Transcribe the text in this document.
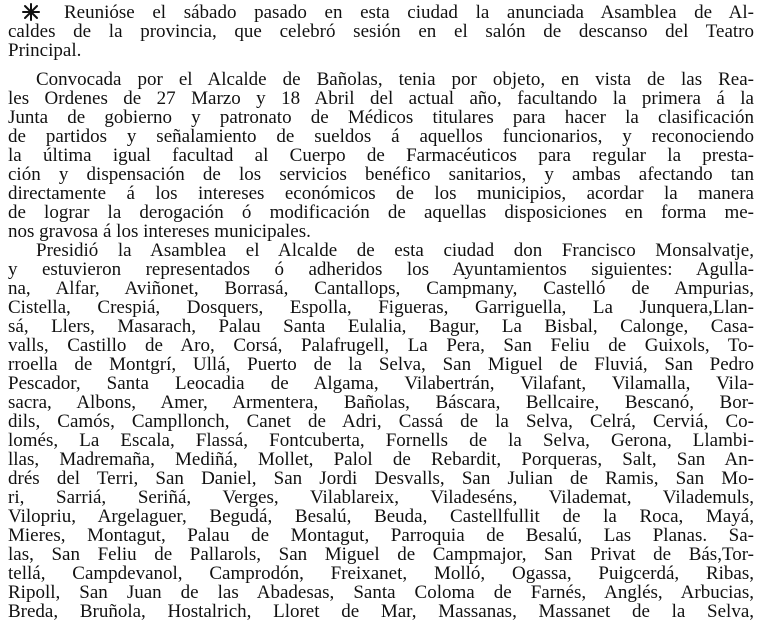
Reunióse el sábado pasado en esta ciudad la anunciada Asamblea de Al-
caldes de la provincia, que celebró sesión en el salón de descanso del Teatro
Principal.
Convocada por el Alcalde de Bañolas, tenia por objeto, en vista de las Rea-
les Ordenes de 27 Marzo y 18 Abril del actual año, facultando la primera á la
Junta de gobierno y patronato de Médicos titulares para hacer la clasificación
de partidos y señalamiento de sueldos á aquellos funcionarios, y reconociendo
la última igual facultad al Cuerpo de Farmacéuticos para regular la presta-
ción y dispensación de los servicios benéfico sanitarios, y ambas afectando tan
directamente á los intereses económicos de los municipios, acordar la manera
de lograr la derogación ó modificación de aquellas disposiciones en forma me-
nos gravosa á los intereses municipales.
Presidió la Asamblea el Alcalde de esta ciudad don Francisco Monsalvatje,
y estuvieron representados ó adheridos los Ayuntamientos siguientes: Agulla-
na, Alfar, Aviñonet, Borrasá, Cantallops, Campmany, Castelló de Ampurias,
Cistella, Crespiá, Dosquers, Espolla, Figueras, Garriguella, La Junquera,Llan-
sá, Llers, Masarach, Palau Santa Eulalia, Bagur, La Bisbal, Calonge, Casa-
valls, Castillo de Aro, Corsá, Palafrugell, La Pera, San Feliu de Guixols, To-
rroella de Montgrí, Ullá, Puerto de la Selva, San Miguel de Fluviá, San Pedro
Pescador, Santa Leocadia de Algama, Vilabertrán, Vilafant, Vilamalla, Vila-
sacra, Albons, Amer, Armentera, Bañolas, Báscara, Bellcaire, Bescanó, Bor-
dils, Camós, Campllonch, Canet de Adri, Cassá de la Selva, Celrá, Cerviá, Co-
lomés, La Escala, Flassá, Fontcuberta, Fornells de la Selva, Gerona, Llambi-
llas, Madremaña, Mediñá, Mollet, Palol de Rebardit, Porqueras, Salt, San An-
drés del Terri, San Daniel, San Jordi Desvalls, San Julian de Ramis, San Mo-
ri, Sarriá, Seriñá, Verges, Vilablareix, Viladeséns, Vilademat, Vilademuls,
Vilopriu, Argelaguer, Begudá, Besalú, Beuda, Castellfullit de la Roca, Mayá,
Mieres, Montagut, Palau de Montagut, Parroquia de Besalú, Las Planas. Sa-
las, San Feliu de Pallarols, San Miguel de Campmajor, San Privat de Bás,Tor-
tellá, Campdevanol, Camprodón, Freixanet, Molló, Ogassa, Puigcerdá, Ribas,
Ripoll, San Juan de las Abadesas, Santa Coloma de Farnés, Anglés, Arbucias,
Breda, Bruñola, Hostalrich, Lloret de Mar, Massanas, Massanet de la Selva,
